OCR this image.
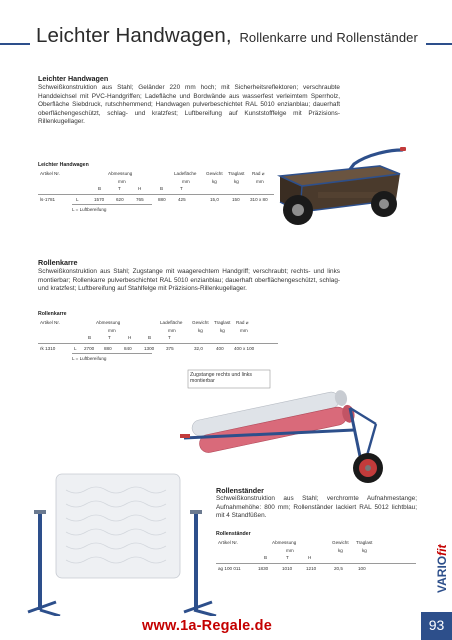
Leichter Handwagen, Rollenkarre und Rollenständer
Leichter Handwagen
Schweißkonstruktion aus Stahl; Geländer 220 mm hoch; mit Sicherheitsreflektoren; verschraubte Handdeichsel mit PVC-Handgriffen; Ladefläche und Bordwände aus wasserfest verleimtem Sperrholz, Oberfläche Siebdruck, rutschhemmend; Handwagen pulverbeschichtet RAL 5010 enzianblau; dauerhaft oberflächengeschützt, schlag- und kratzfest; Luftbereifung auf Kunststofffelge mit Präzisions-Rillenkugellager.
Leichter Handwagen
Artikel Nr.	Abmessung	Ladefläche Gewicht Traglast Rad ⌀
mm	mm	kg	kg	mm
B	T	H	B	T
ls-1781	L	1570	620	765	880	425	15,0	150 310 x 80
L = Luftbereifung
Rollenkarre
Schweißkonstruktion aus Stahl; Zugstange mit waagerechtem Handgriff; verschraubt; rechts- und links montierbar; Rollenkarre pulverbeschichtet RAL 5010 enzianblau; dauerhaft oberflächengeschützt, schlag- und kratzfest; Luftbereifung auf Stahlfelge mit Präzisions-Rillenkugellager.
Rollenkarre
Artikel Nr.	Abmessung	Ladefläche Gewicht Traglast Rad ⌀
mm	mm	kg	kg	mm
B	T	H	B	T
rk 1310	L 2700 880	840	1300	375	32,0	400 400 x 100
L = Luftbereifung
Zugstange rechts und links montierbar
Rollenständer
Schweißkonstruktion aus Stahl; verchromte Aufnahmestange; Aufnahmehöhe: 800 mm; Rollenständer lackiert RAL 5012 lichtblau; mit 4 Standfüßen.
Rollenständer
Artikel Nr.	Abmessung	Gewicht Traglast
mm	kg	kg
B	T	H
ag 100 011	1830	1010	1210	20,5	100	VARIOfit
www.1a-Regale.de	93
